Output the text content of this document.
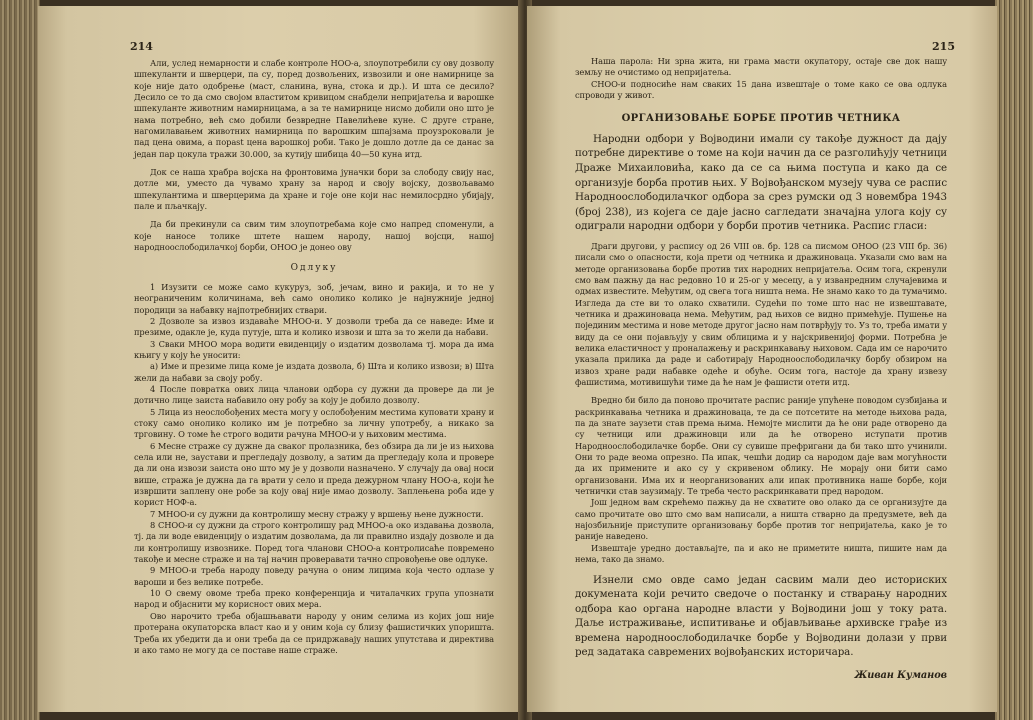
214

Али, услед немарности и слабе контроле НОО-а, злоупотребили су ову дозволу шпекуланти и шверцери, па су, поред дозвољених, извозили и оне намирнице за које није дато одобрење (маст, сланина, вуна, стока и др.). И шта се десило? Десило се то да смо својом властитом кривицом снабдели непријатеља и варошке шпекуланте животним намирницама, а за те намирнице нисмо добили оно што је нама потребно, већ смо добили безвредне Павелићеве куне. С друге стране, нагомилавањем животних намирница по варошким шпајзама проузроковали је пад цена овима, а порast цена варошкој роби. Тако је дошло дотле да се данас за један пар цокула тражи 30.000, за кутију шибица 40—50 куна итд.

Док се наша храбра војска на фронтовима јуначки бори за слободу свију нас, дотле ми, уместо да чувамо храну за народ и своју војску, дозвољавамо шпекулантима и шверцерима да хране и гоје оне који нас немилосрдно убијају, пале и пљачкају.

Да би прекинули са свим тим злоупотребама које смо напред споменули, а које наносе толике штете нашем народу, нашој војсци, нашој народноослободилачкој борби, ОНОО је донео ову

Одлуку

1 Изузити се може само кукуруз, зоб, јечам, вино и ракија, и то не у неограниченим количинама, већ само онолико колико је најнужније једној породици за набавку најпотребнијих ствари.

2 Дозволе за извоз издаваће МНОО-и. У дозволи треба да се наведе: Име и презиме, одакле је, куда путује, шта и колико извози и шта за то жели да набави.

3 Сваки МНОО мора водити евиденцију о издатим дозволама тј. мора да има књигу у коју ће уносити:

а) Име и презиме лица коме је издата дозвола, б) Шта и колико извози; в) Шта жели да набави за своју робу.

4 После повратка ових лица чланови одбора су дужни да провере да ли је дотично лице заиста набавило ону робу за коју је добило дозволу.

5 Лица из неослобођених места могу у ослобођеним местима куповати храну и стоку само онолико колико им је потребно за личну употребу, а никако за трговину. О томе ће строго водити рачуна МНОО-и у њиховим местима.

6 Месне страже су дужне да сваког пролазника, без обзира да ли је из њихова села или не, заустави и прегледају дозволу, а затим да прегледају кола и провере да ли она извози заиста оно што му је у дозволи назначено. У случају да овај носи више, стража је дужна да га врати у село и преда дежурном члану НОО-а, који ће извршити заплену оне робе за коју овај није имао дозволу. Заплењена роба иде у корист НОФ-а.

7 МНОО-и су дужни да контролишу месну стражу у вршењу њене дужности.

8 СНОО-и су дужни да строго контролишу рад МНОО-а око издавања дозвола, тј. да ли воде евиденцију о издатим дозволама, да ли правилно издају дозволе и да ли контролишу извознике. Поред тога чланови СНОО-а контролисаће повремено такође и месне страже и на тај начин проверавати тачно спровођење ове одлуке.

9 МНОО-и треба народу поведу рачуна о оним лицима која често одлазе у вароши и без велике потребе.

10 О свему овоме треба преко конференција и читалачких група упознати народ и објаснити му корисност ових мера.

Ово нарочито треба објашњавати народу у оним селима из којих још није протерана окупаторска власт као и у оним која су близу фашистичких упоришта. Треба их убедити да и они треба да се придржавају наших упутстава и директива и ако тамо не могу да се поставе наше страже.

215

Наша парола: Ни зрна жита, ни грама масти окупатору, остаје све док нашу земљу не очистимо од непријатеља.

СНОО-и подносиће нам сваких 15 дана извештаје о томе како се ова одлука спроводи у живот.

ОРГАНИЗОВАЊЕ БОРБЕ ПРОТИВ ЧЕТНИКА

Народни одбори у Војводини имали су такође дужност да дају потребне директиве о томе на који начин да се разголићују четници Драже Михаиловића, како да се са њима поступа и како да се организује борба против њих. У Војвођанском музеју чува се распис Народноослободилачког одбора за срез румски од 3 новембра 1943 (број 238), из којега се даје јасно сагледати значајна улога коју су одигрaли народни одбори у борби против четника. Распис гласи:

Драги другови, у распису од 26 VIII ов. бр. 128 са писмом ОНОО (23 VIII бр. 36) писали смо о опасности, која прети од четника и дражиноваца. Указали смо вам на методе организовања борбе против тих народних непријатеља. Осим тога, скренули смо вам пажњу да нас редовно 10 и 25-ог у месецу, а у изванредним случајевима и одмах известите. Међутим, од свега тога ништа нема. Не знамо како то да тумачимо. Изгледа да сте ви то олако схватили. Судећи по томе што нас не извештавате, четника и дражиноваца нема. Међутим, рад њихов се видно примећује. Пушење на појединим местима и нове методе другог јасно нам потврђују то. Уз то, треба имати у виду да се они појављују у свим облицима и у најскривенијој форми. Потребна је велика еластичност у проналажењу и раскринкавању њиховом. Сада им се нарочито указала прилика да раде и саботирају Народноослободилачку борбу обзиром на извоз хране ради набавке одеће и обуће. Осим тога, настоје да храну извезу фашистима, мотивишући тиме да ће нам је фашисти отети итд.

Вредно би било да поново прочитате распис раније упућене поводом сузбијања и раскринкавања четника и дражиноваца, те да се потсетите на методе њихова рада, па да знате заузети став према њима. Немојте мислити да ће они раде отворено да су четници или дражиновци или да ће отворено иступати против Народноослободилачке борбе. Они су сувише префригани да би тако што учинили. Они то раде веома опрезно. Па ипак, чешћи додир са народом даје вам могућности да их примените и ако су у скривеном облику. Не морају они бити само организовани. Има их и неорганизованих али ипак противника наше борбе, који четнички став заузимају. Те треба често раскринкавати пред народом.

Још једном вам скрећемо пажњу да не схватите ово олако да се организујте да само прочитате ово што смо вам написали, а ништа стварно да предузмете, већ да најозбиљније приступите организовању борбе против тог непријатеља, како је то раније наведено.

Извештаје уредно достављајте, па и ако не приметите ништа, пишите нам да нема, тако да знамо.

Изнели смо овде само један сасвим мали део историских докумената који речито сведоче о постанку и стварању народних одбора као органа народне власти у Војводини још у току рата. Даље истраживање, испитивање и објављивање архивске грађе из времена народноослободилачке борбе у Војводини долази у први ред задатака савремених војвођанских историчара.

Живан Куманов
